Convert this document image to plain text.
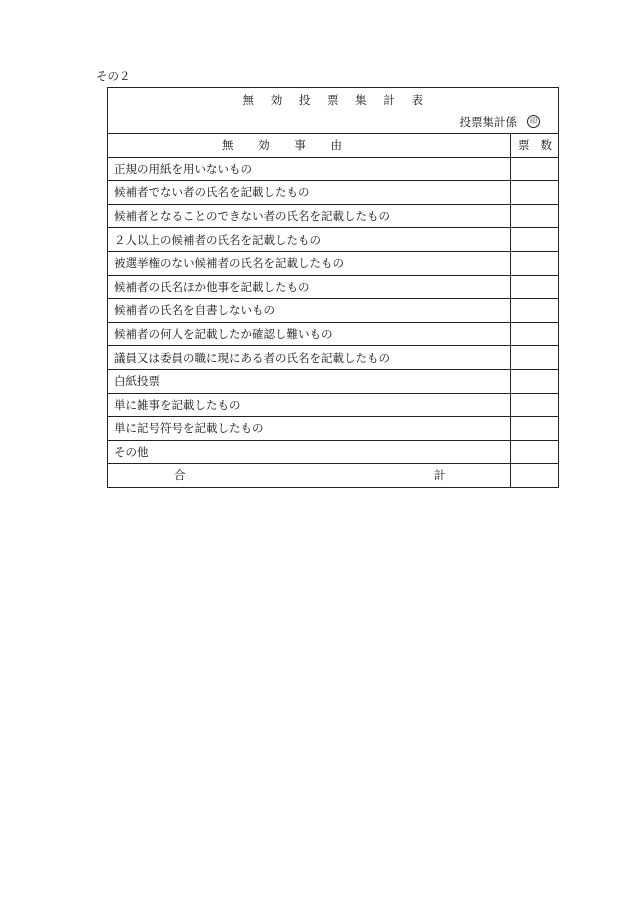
その２
無　 効　 投　 票　 集　 計　 表
投票集計係 印	

無 効 事 由	票 数

正規の用紙を用いないもの	
候補者でない者の氏名を記載したもの	
候補者となることのできない者の氏名を記載したもの	
２人以上の候補者の氏名を記載したもの	
被選挙権のない候補者の氏名を記載したもの	
候補者の氏名ほか他事を記載したもの	
候補者の氏名を自書しないもの	
候補者の何人を記載したか確認し難いもの	
議員又は委員の職に現にある者の氏名を記載したもの	
白紙投票	
単に雑事を記載したもの	
単に記号符号を記載したもの	
その他	

合 計	
